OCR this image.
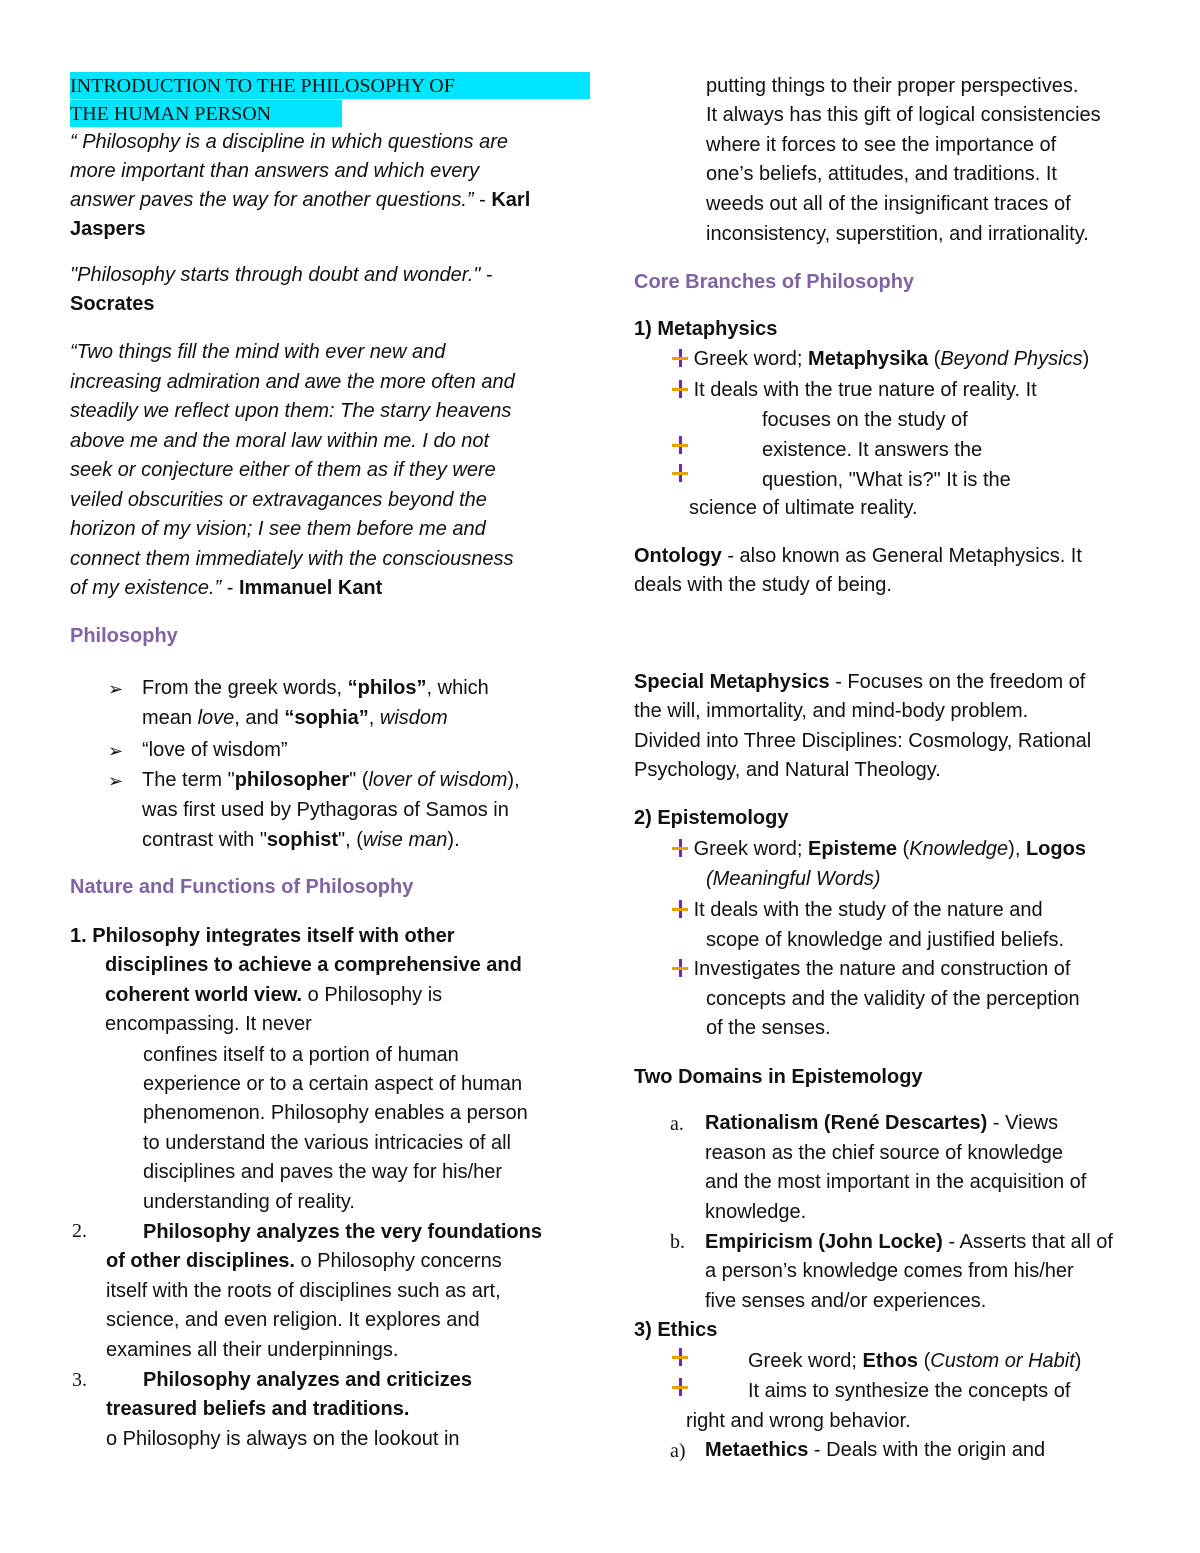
INTRODUCTION TO THE PHILOSOPHY OF
THE HUMAN PERSON
“ Philosophy is a discipline in which questions are
more important than answers and which every
answer paves the way for another questions.” - Karl
Jaspers
"Philosophy starts through doubt and wonder." -
Socrates
“Two things fill the mind with ever new and
increasing admiration and awe the more often and
steadily we reflect upon them: The starry heavens
above me and the moral law within me. I do not
seek or conjecture either of them as if they were
veiled obscurities or extravagances beyond the
horizon of my vision; I see them before me and
connect them immediately with the consciousness
of my existence.” - Immanuel Kant
Philosophy
➢ From the greek words, “philos”, which
mean love, and “sophia”, wisdom
➢ “love of wisdom”
➢ The term "philosopher" (lover of wisdom),
was first used by Pythagoras of Samos in
contrast with "sophist", (wise man).
Nature and Functions of Philosophy
1. Philosophy integrates itself with other
disciplines to achieve a comprehensive and
coherent world view. o Philosophy is
encompassing. It never
confines itself to a portion of human
experience or to a certain aspect of human
phenomenon. Philosophy enables a person
to understand the various intricacies of all
disciplines and paves the way for his/her
understanding of reality.
2.	Philosophy analyzes the very foundations
of other disciplines. o Philosophy concerns
itself with the roots of disciplines such as art,
science, and even religion. It explores and
examines all their underpinnings.
3.	Philosophy analyzes and criticizes
treasured beliefs and traditions.
o Philosophy is always on the lookout in
putting things to their proper perspectives.
It always has this gift of logical consistencies
where it forces to see the importance of
one’s beliefs, attitudes, and traditions. It
weeds out all of the insignificant traces of
inconsistency, superstition, and irrationality.
Core Branches of Philosophy
1) Metaphysics
Greek word; Metaphysika (Beyond Physics)
It deals with the true nature of reality. It
focuses on the study of
existence. It answers the
question, "What is?" It is the
science of ultimate reality.
Ontology - also known as General Metaphysics. It
deals with the study of being.
Special Metaphysics - Focuses on the freedom of
the will, immortality, and mind-body problem.
Divided into Three Disciplines: Cosmology, Rational
Psychology, and Natural Theology.
2) Epistemology
Greek word; Episteme (Knowledge), Logos
(Meaningful Words)
It deals with the study of the nature and
scope of knowledge and justified beliefs.
Investigates the nature and construction of
concepts and the validity of the perception
of the senses.
Two Domains in Epistemology
a. Rationalism (René Descartes) - Views
reason as the chief source of knowledge
and the most important in the acquisition of
knowledge.
b. Empiricism (John Locke) - Asserts that all of
a person’s knowledge comes from his/her
five senses and/or experiences.
3) Ethics
Greek word; Ethos (Custom or Habit)
It aims to synthesize the concepts of
right and wrong behavior.
a) Metaethics - Deals with the origin and
